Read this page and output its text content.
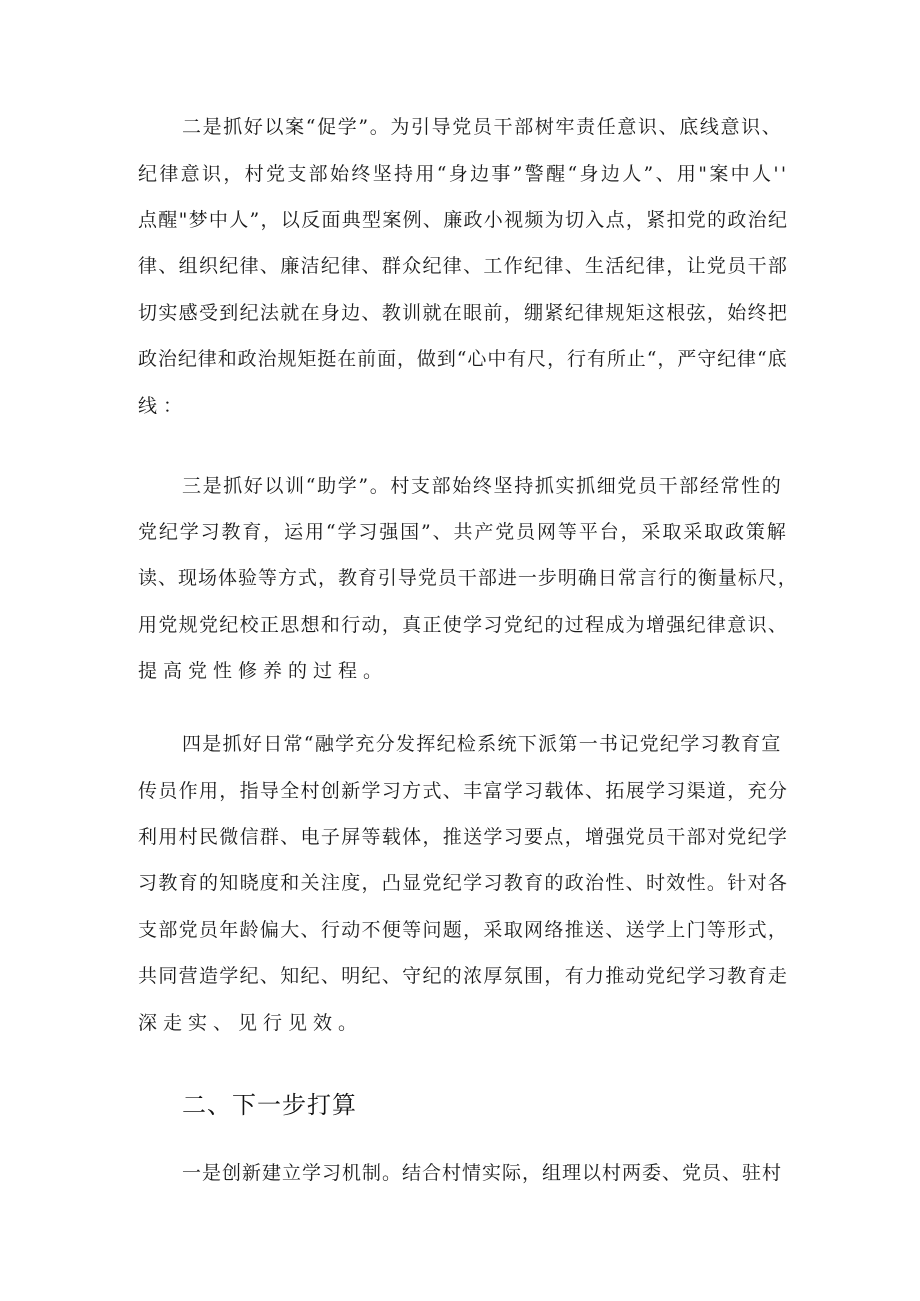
二是抓好以案“促学”。为引导党员干部树牢责任意识、底线意识、
纪律意识，村党支部始终坚持用“身边事”警醒“身边人”、用"案中人''
点醒"梦中人”，以反面典型案例、廉政小视频为切入点，紧扣党的政治纪
律、组织纪律、廉洁纪律、群众纪律、工作纪律、生活纪律，让党员干部
切实感受到纪法就在身边、教训就在眼前，绷紧纪律规矩这根弦，始终把
政治纪律和政治规矩挺在前面，做到“心中有尺，行有所止“，严守纪律“底
线：
三是抓好以训“助学”。村支部始终坚持抓实抓细党员干部经常性的
党纪学习教育，运用“学习强国”、共产党员网等平台，采取采取政策解
读、现场体验等方式，教育引导党员干部进一步明确日常言行的衡量标尺，
用党规党纪校正思想和行动，真正使学习党纪的过程成为增强纪律意识、
提高党性修养的过程。
四是抓好日常“融学充分发挥纪检系统下派第一书记党纪学习教育宣
传员作用，指导全村创新学习方式、丰富学习载体、拓展学习渠道，充分
利用村民微信群、电子屏等载体，推送学习要点，增强党员干部对党纪学
习教育的知晓度和关注度，凸显党纪学习教育的政治性、时效性。针对各
支部党员年龄偏大、行动不便等问题，采取网络推送、送学上门等形式，
共同营造学纪、知纪、明纪、守纪的浓厚氛围，有力推动党纪学习教育走
深走实、见行见效。
二、下一步打算
一是创新建立学习机制。结合村情实际，组理以村两委、党员、驻村
